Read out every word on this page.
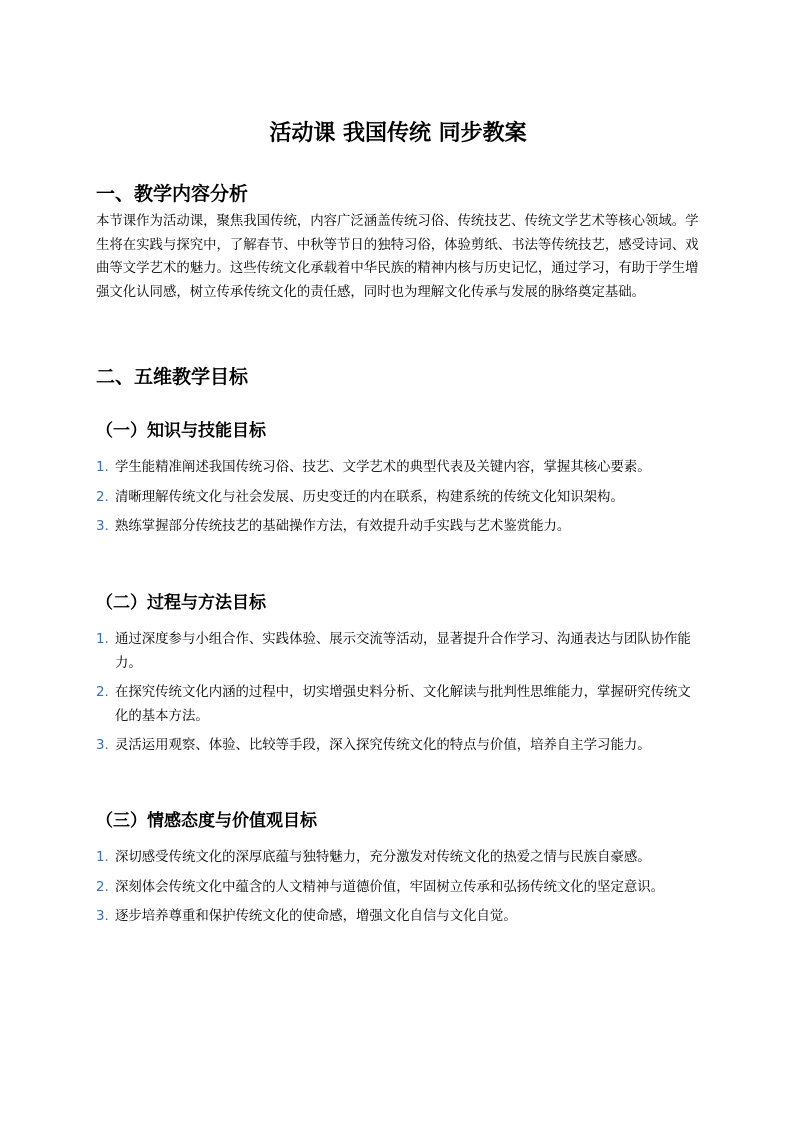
活动课 我国传统 同步教案
一、教学内容分析

本节课作为活动课，聚焦我国传统，内容广泛涵盖传统习俗、传统技艺、传统文学艺术等核心领域。学生将在实践与探究中，了解春节、中秋等节日的独特习俗，体验剪纸、书法等传统技艺，感受诗词、戏曲等文学艺术的魅力。这些传统文化承载着中华民族的精神内核与历史记忆，通过学习，有助于学生增强文化认同感，树立传承传统文化的责任感，同时也为理解文化传承与发展的脉络奠定基础。

二、五维教学目标
（一）知识与技能目标
1. 学生能精准阐述我国传统习俗、技艺、文学艺术的典型代表及关键内容，掌握其核心要素。
2. 清晰理解传统文化与社会发展、历史变迁的内在联系，构建系统的传统文化知识架构。
3. 熟练掌握部分传统技艺的基础操作方法，有效提升动手实践与艺术鉴赏能力。
（二）过程与方法目标
1. 通过深度参与小组合作、实践体验、展示交流等活动，显著提升合作学习、沟通表达与团队协作能力。
2. 在探究传统文化内涵的过程中，切实增强史料分析、文化解读与批判性思维能力，掌握研究传统文化的基本方法。
3. 灵活运用观察、体验、比较等手段，深入探究传统文化的特点与价值，培养自主学习能力。
（三）情感态度与价值观目标
1. 深切感受传统文化的深厚底蕴与独特魅力，充分激发对传统文化的热爱之情与民族自豪感。
2. 深刻体会传统文化中蕴含的人文精神与道德价值，牢固树立传承和弘扬传统文化的坚定意识。
3. 逐步培养尊重和保护传统文化的使命感，增强文化自信与文化自觉。
